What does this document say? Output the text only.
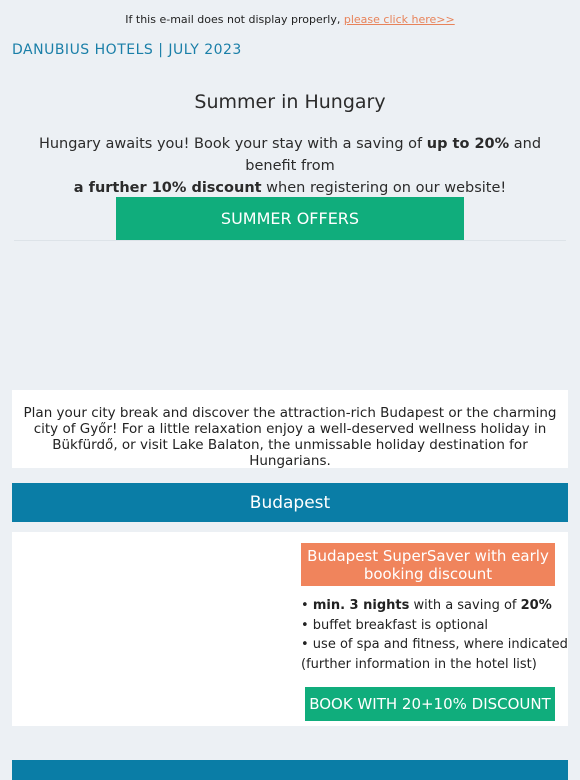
If this e-mail does not display properly, please click here>>
DANUBIUS HOTELS | JULY 2023
Summer in Hungary
Hungary awaits you! Book your stay with a saving of up to 20% and benefit from
a further 10% discount when registering on our website!
SUMMER OFFERS

Plan your city break and discover the attraction-rich Budapest or the charming city of Győr! For a little relaxation enjoy a well-deserved wellness holiday in Bükfürdő, or visit Lake Balaton, the unmissable holiday destination for Hungarians.

Budapest
Budapest SuperSaver with early booking discount
• min. 3 nights with a saving of 20%
• buffet breakfast is optional
• use of spa and fitness, where indicated
(further information in the hotel list)
BOOK WITH 20+10% DISCOUNT
